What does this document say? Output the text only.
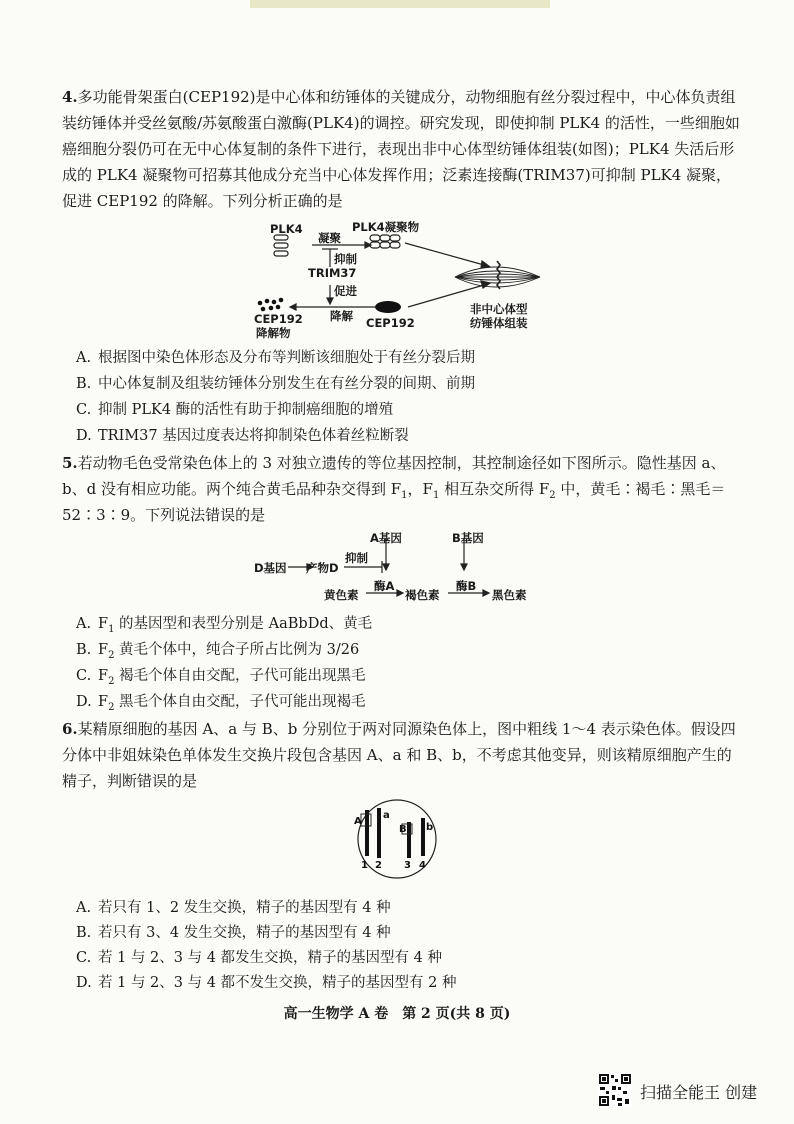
4.多功能骨架蛋白(CEP192)是中心体和纺锤体的关键成分，动物细胞有丝分裂过程中，中心体负责组装纺锤体并受丝氨酸/苏氨酸蛋白激酶(PLK4)的调控。研究发现，即使抑制 PLK4 的活性，一些细胞如癌细胞分裂仍可在无中心体复制的条件下进行，表现出非中心体型纺锤体组装(如图)；PLK4 失活后形成的 PLK4 凝聚物可招募其他成分充当中心体发挥作用；泛素连接酶(TRIM37)可抑制 PLK4 凝聚，促进 CEP192 的降解。下列分析正确的是

PLK4
凝聚
PLK4凝聚物
抑制
TRIM37
促进
降解 CEP192
CEP192
降解物
非中心体型
纺锤体组装
A. 根据图中染色体形态及分布等判断该细胞处于有丝分裂后期
B. 中心体复制及组装纺锤体分别发生在有丝分裂的间期、前期
C. 抑制 PLK4 酶的活性有助于抑制癌细胞的增殖
D. TRIM37 基因过度表达将抑制染色体着丝粒断裂

5.若动物毛色受常染色体上的 3 对独立遗传的等位基因控制，其控制途径如下图所示。隐性基因 a、b、d 没有相应功能。两个纯合黄毛品种杂交得到 $F_1$，$F_1$ 相互杂交所得 $F_2$ 中，黄毛∶褐毛∶黑毛＝52∶3∶9。下列说法错误的是

A基因	B基因
D基因 产物D
抑制
黄色素
酶A
褐色素
酶B
黑色素
A. $F_1$ 的基因型和表型分别是 AaBbDd、黄毛
B. $F_2$ 黄毛个体中，纯合子所占比例为 3/26
C. $F_2$ 褐毛个体自由交配，子代可能出现黑毛
D. $F_2$ 黑毛个体自由交配，子代可能出现褐毛

6.某精原细胞的基因 A、a 与 B、b 分别位于两对同源染色体上，图中粗线 1～4 表示染色体。假设四分体中非姐妹染色单体发生交换片段包含基因 A、a 和 B、b，不考虑其他变异，则该精原细胞产生的精子，判断错误的是

A
a
B b
1 2 3 4
A. 若只有 1、2 发生交换，精子的基因型有 4 种
B. 若只有 3、4 发生交换，精子的基因型有 4 种
C. 若 1 与 2、3 与 4 都发生交换，精子的基因型有 4 种
D. 若 1 与 2、3 与 4 都不发生交换，精子的基因型有 2 种
高一生物学 A 卷　第 2 页(共 8 页)
扫描全能王 创建
